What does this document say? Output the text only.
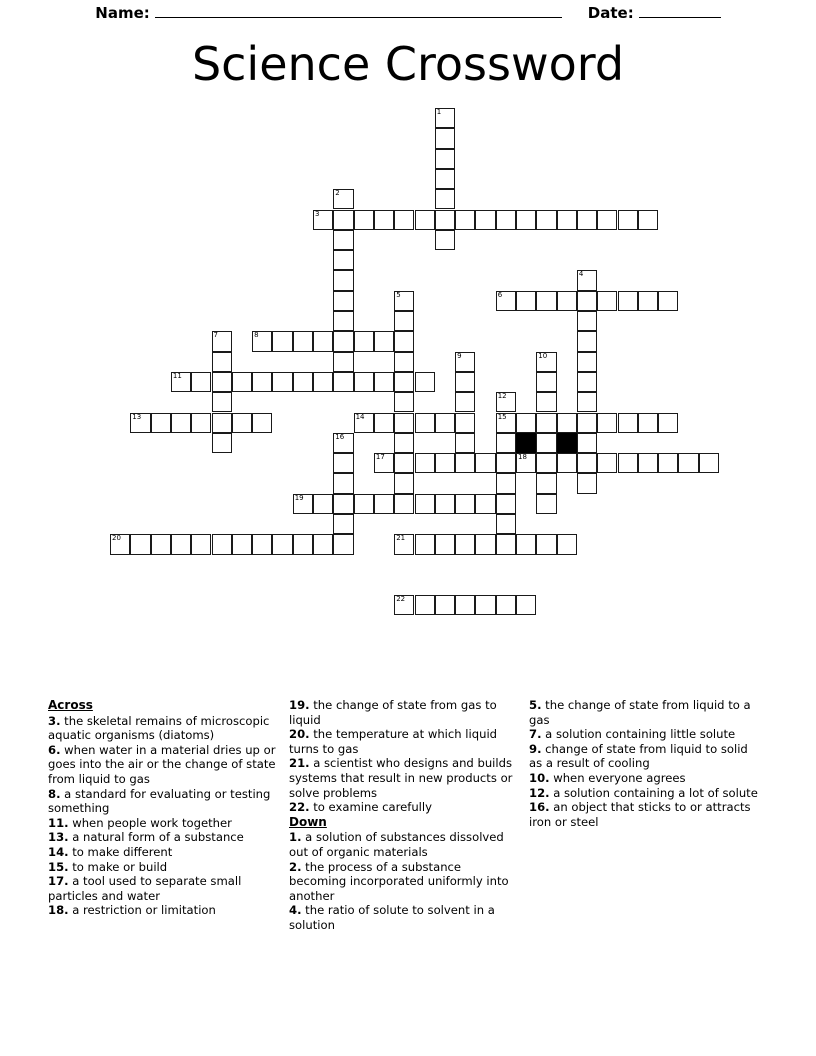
Name:	Date:
Science Crossword
1
2
3
4
5	6
7	8
9	10
11
12
15
13	14
16
17	18
19
20	21
22
Across
3. the skeletal remains of microscopic aquatic organisms (diatoms)
6. when water in a material dries up or goes into the air or the change of state from liquid to gas
8. a standard for evaluating or testing something
11. when people work together
13. a natural form of a substance
14. to make different
15. to make or build
17. a tool used to separate small particles and water
18. a restriction or limitation
19. the change of state from gas to liquid
20. the temperature at which liquid turns to gas
21. a scientist who designs and builds systems that result in new products or solve problems
22. to examine carefully
Down
1. a solution of substances dissolved out of organic materials
2. the process of a substance becoming incorporated uniformly into another
4. the ratio of solute to solvent in a solution
5. the change of state from liquid to a gas
7. a solution containing little solute
9. change of state from liquid to solid as a result of cooling
10. when everyone agrees
12. a solution containing a lot of solute
16. an object that sticks to or attracts iron or steel
